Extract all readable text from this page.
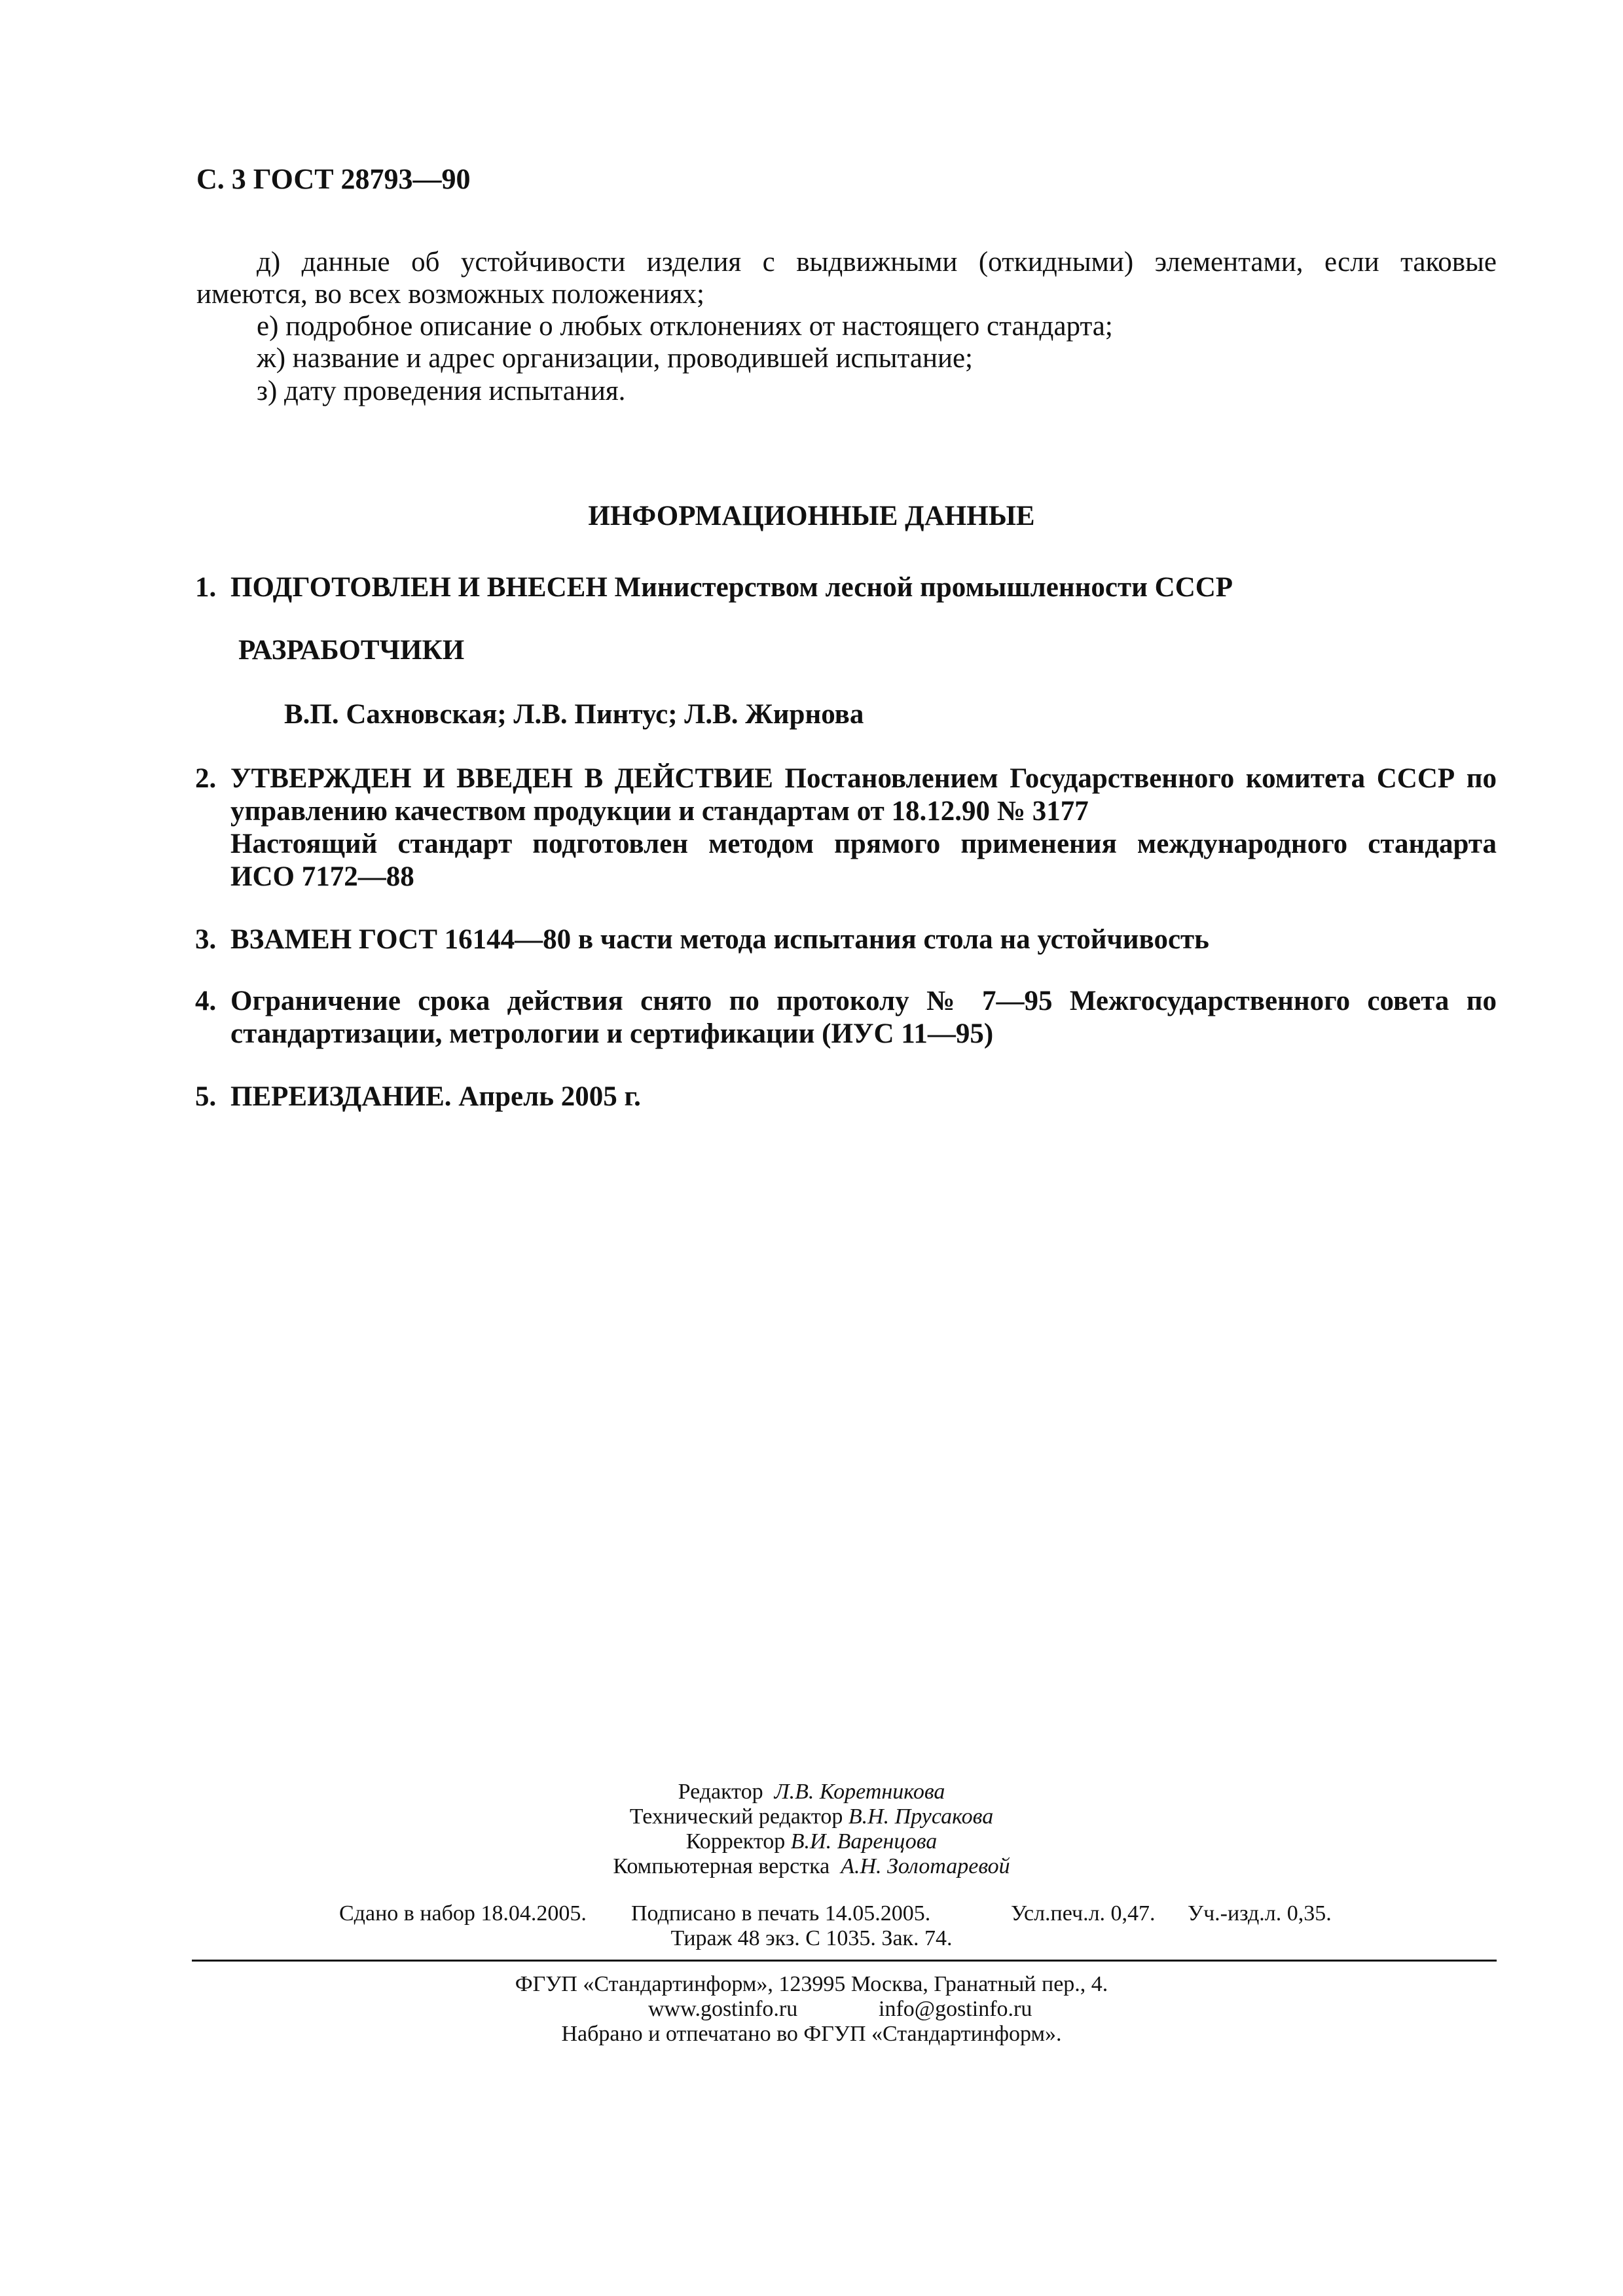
С. 3 ГОСТ 28793—90
д) данные об устойчивости изделия с выдвижными (откидными) элементами, если таковые
имеются, во всех возможных положениях;
е) подробное описание о любых отклонениях от настоящего стандарта;
ж) название и адрес организации, проводившей испытание;
з) дату проведения испытания.
ИНФОРМАЦИОННЫЕ ДАННЫЕ
1. ПОДГОТОВЛЕН И ВНЕСЕН Министерством лесной промышленности СССР
РАЗРАБОТЧИКИ
В.П. Сахновская; Л.В. Пинтус; Л.В. Жирнова
2. УТВЕРЖДЕН И ВВЕДЕН В ДЕЙСТВИЕ Постановлением Государственного комитета СССР по
управлению качеством продукции и стандартам от 18.12.90 № 3177
Настоящий стандарт подготовлен методом прямого применения международного стандарта
ИСО 7172—88
3. ВЗАМЕН ГОСТ 16144—80 в части метода испытания стола на устойчивость
4. Ограничение срока действия снято по протоколу № 7—95 Межгосударственного совета по
стандартизации, метрологии и сертификации (ИУС 11—95)
5. ПЕРЕИЗДАНИЕ. Апрель 2005 г.
Редактор Л.В. Коретникова
Технический редактор В.Н. Прусакова
Корректор В.И. Варенцова
Компьютерная верстка А.Н. Золотаревой
Сдано в набор 18.04.2005. Подписано в печать 14.05.2005.	Усл.печ.л. 0,47. Уч.-изд.л. 0,35.
Тираж 48 экз. С 1035. Зак. 74.
ФГУП «Стандартинформ», 123995 Москва, Гранатный пер., 4.
www.gostinfo.ru	info@gostinfo.ru
Набрано и отпечатано во ФГУП «Стандартинформ».
